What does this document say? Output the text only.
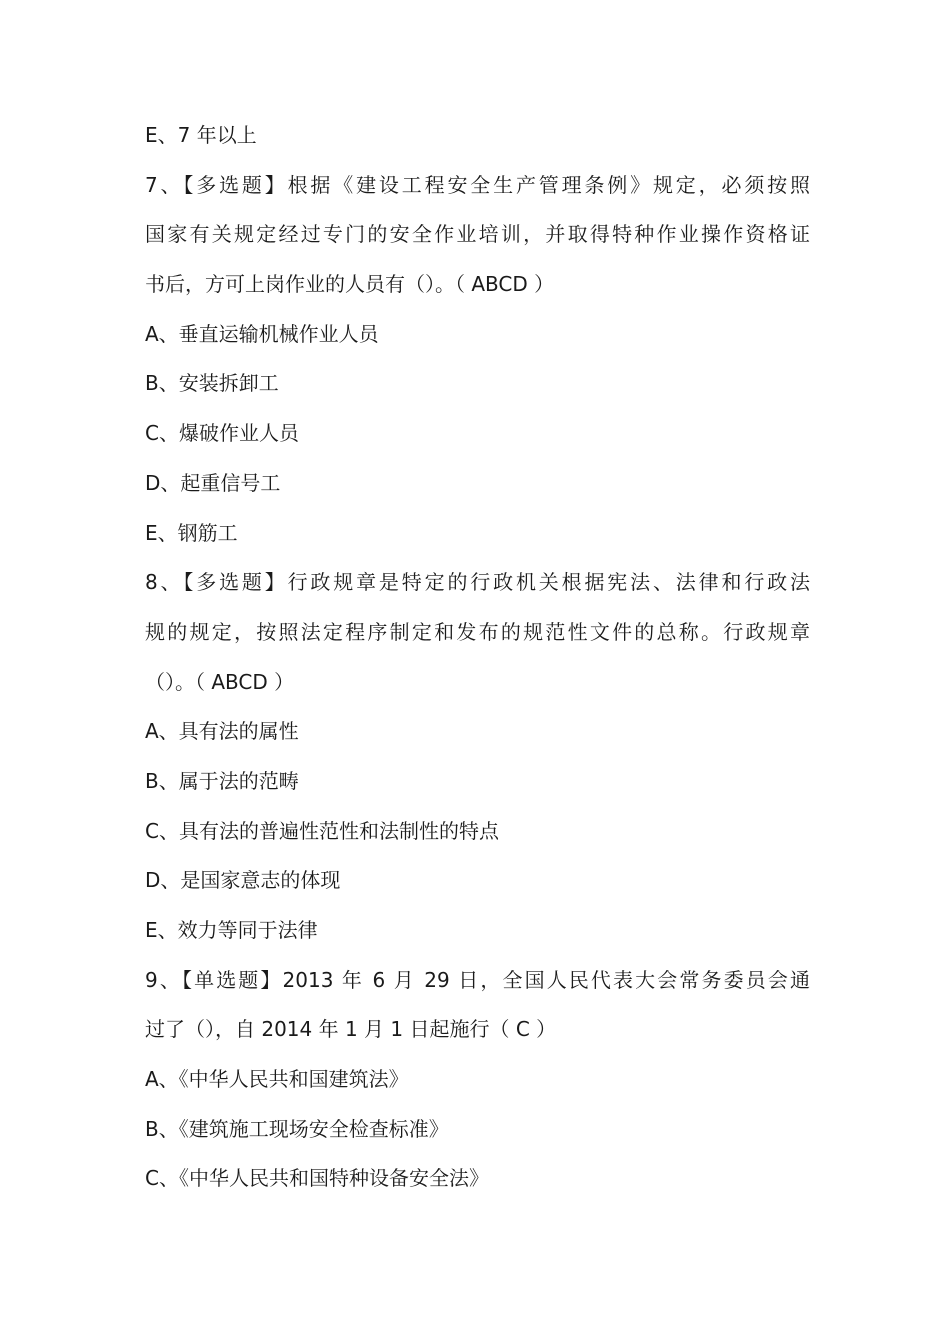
E、7 年以上
7、【多选题】根据《建设工程安全生产管理条例》规定，必须按照
国家有关规定经过专门的安全作业培训，并取得特种作业操作资格证
书后，方可上岗作业的人员有（）。（ ABCD ）
A、垂直运输机械作业人员
B、安装拆卸工
C、爆破作业人员
D、起重信号工
E、钢筋工
8、【多选题】行政规章是特定的行政机关根据宪法、法律和行政法
规的规定，按照法定程序制定和发布的规范性文件的总称。行政规章
（）。（ ABCD ）
A、具有法的属性
B、属于法的范畴
C、具有法的普遍性范性和法制性的特点
D、是国家意志的体现
E、效力等同于法律
9、【单选题】2013 年 6 月 29 日，全国人民代表大会常务委员会通
过了（），自 2014 年 1 月 1 日起施行（ C ）
A、《中华人民共和国建筑法》
B、《建筑施工现场安全检查标准》
C、《中华人民共和国特种设备安全法》
